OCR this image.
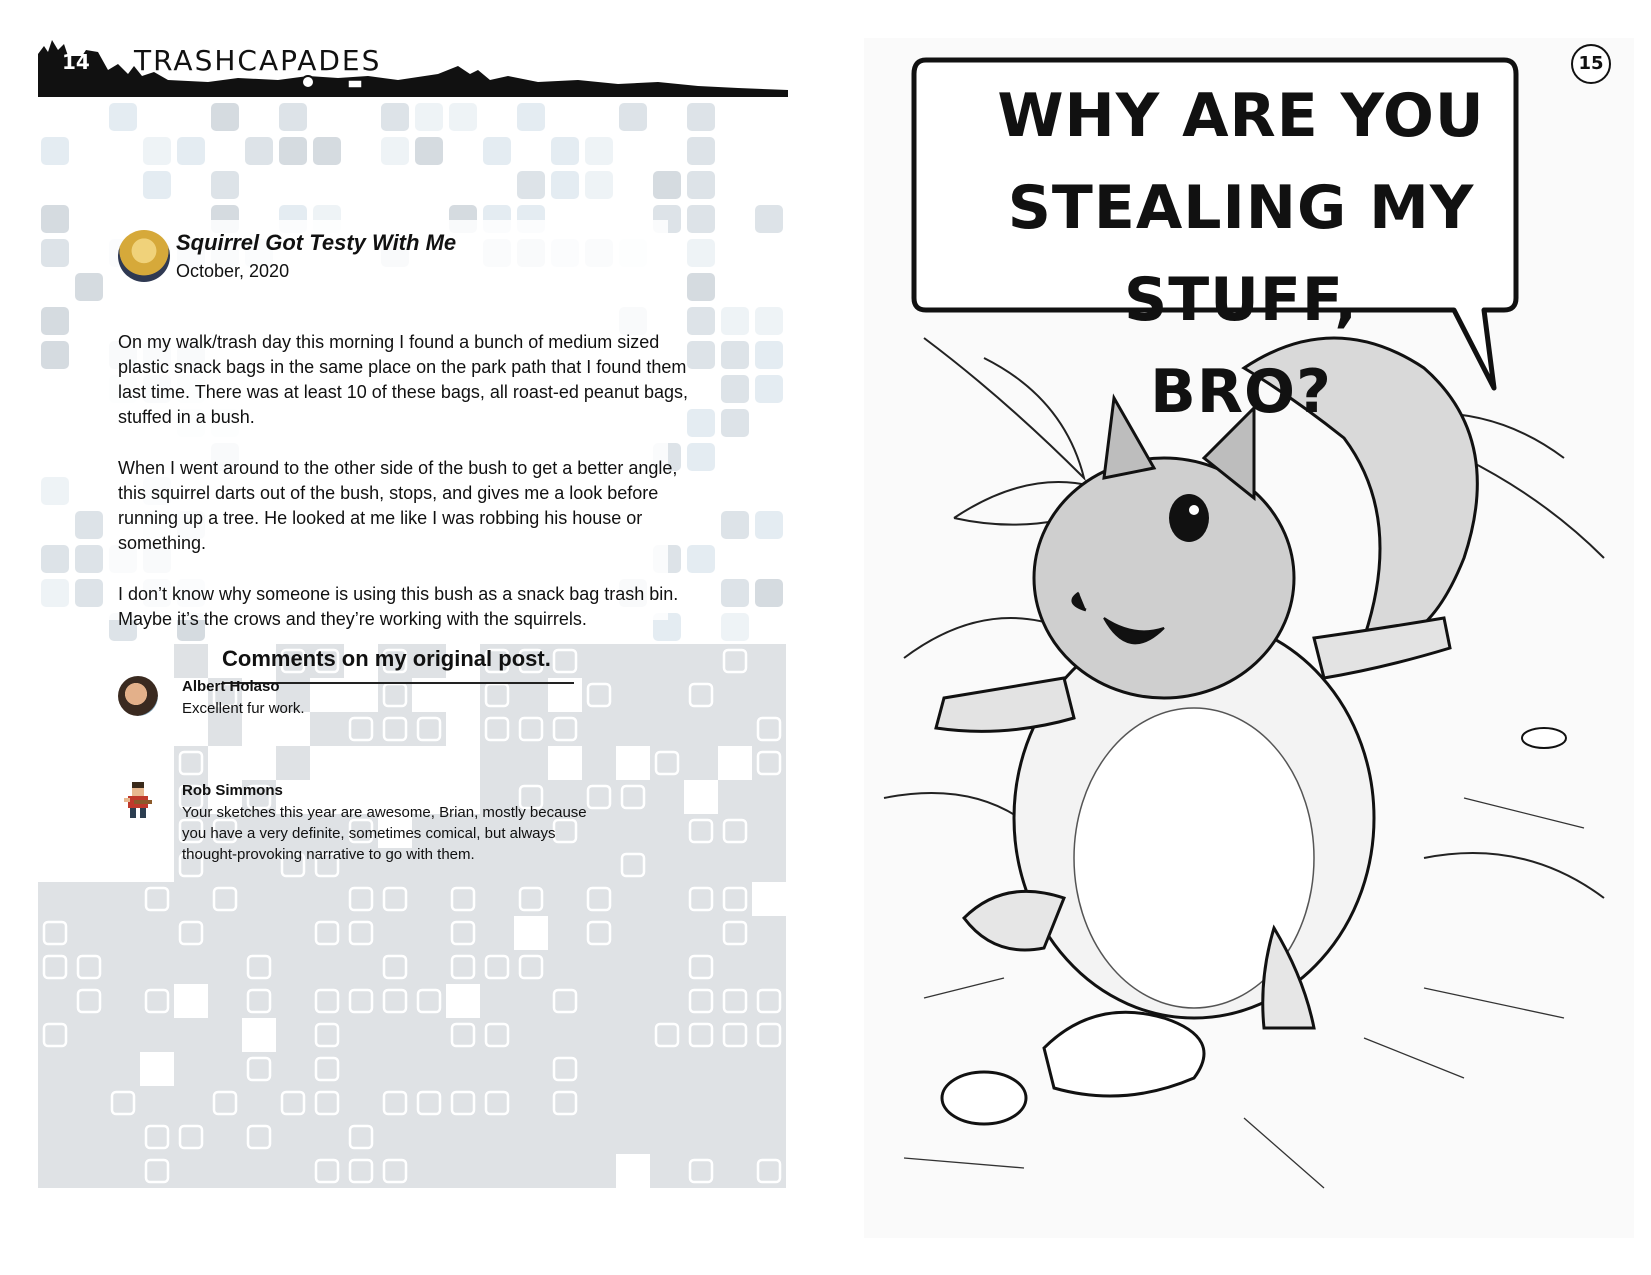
14 TRASHCAPADES
Squirrel Got Testy With Me
October, 2020

On my walk/trash day this morning I found a bunch of medium sized plastic snack bags in the same place on the park path that I found them last time. There was at least 10 of these bags, all roast-ed peanut bags, stuffed in a bush.

When I went around to the other side of the bush to get a better angle, this squirrel darts out of the bush, stops, and gives me a look before running up a tree. He looked at me like I was robbing his house or something.

I don’t know why someone is using this bush as a snack bag trash bin. Maybe it’s the crows and they’re working with the squirrels.

Comments on my original post.
Albert Holaso
Excellent fur work.
Rob Simmons
Your sketches this year are awesome, Brian, mostly because you have a very definite, sometimes comical, but always thought-provoking narrative to go with them.
15
WHY ARE YOU
STEALING MY STUFF,
BRO?
